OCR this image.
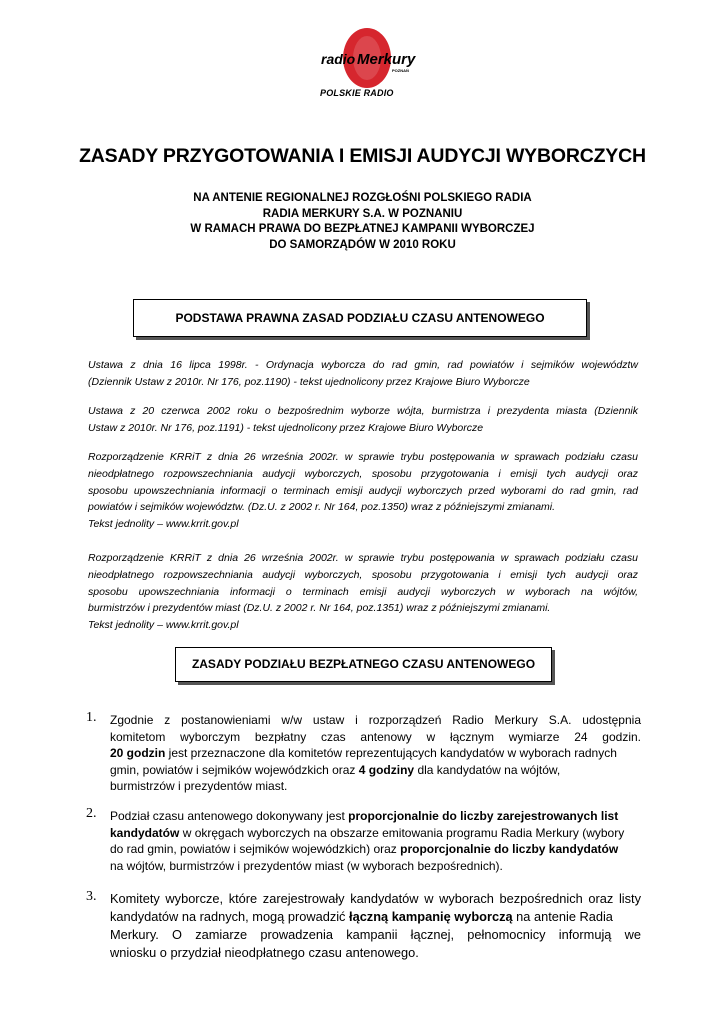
radio Merkury
POZNAŃ
POLSKIE RADIO
ZASADY PRZYGOTOWANIA I EMISJI AUDYCJI WYBORCZYCH
NA ANTENIE REGIONALNEJ ROZGŁOŚNI POLSKIEGO RADIA
RADIA MERKURY S.A. W POZNANIU
W RAMACH PRAWA DO BEZPŁATNEJ KAMPANII WYBORCZEJ
DO SAMORZĄDÓW W 2010 ROKU
PODSTAWA PRAWNA ZASAD PODZIAŁU CZASU ANTENOWEGO
Ustawa z dnia 16 lipca 1998r. - Ordynacja wyborcza do rad gmin, rad powiatów i sejmików województw
(Dziennik Ustaw z 2010r. Nr 176, poz.1190) - tekst ujednolicony przez Krajowe Biuro Wyborcze
Ustawa z 20 czerwca 2002 roku o bezpośrednim wyborze wójta, burmistrza i prezydenta miasta (Dziennik
Ustaw z 2010r. Nr 176, poz.1191) - tekst ujednolicony przez Krajowe Biuro Wyborcze
Rozporządzenie KRRiT z dnia 26 września 2002r. w sprawie trybu postępowania w sprawach podziału czasu
nieodpłatnego rozpowszechniania audycji wyborczych, sposobu przygotowania i emisji tych audycji oraz
sposobu upowszechniania informacji o terminach emisji audycji wyborczych przed wyborami do rad gmin, rad
powiatów i sejmików województw. (Dz.U. z 2002 r. Nr 164, poz.1350) wraz z późniejszymi zmianami.
Tekst jednolity – www.krrit.gov.pl
Rozporządzenie KRRiT z dnia 26 września 2002r. w sprawie trybu postępowania w sprawach podziału czasu
nieodpłatnego rozpowszechniania audycji wyborczych, sposobu przygotowania i emisji tych audycji oraz
sposobu upowszechniania informacji o terminach emisji audycji wyborczych w wyborach na wójtów,
burmistrzów i prezydentów miast (Dz.U. z 2002 r. Nr 164, poz.1351) wraz z późniejszymi zmianami.
Tekst jednolity – www.krrit.gov.pl
ZASADY PODZIAŁU BEZPŁATNEGO CZASU ANTENOWEGO
1. Zgodnie z postanowieniami w/w ustaw i rozporządzeń Radio Merkury S.A. udostępnia
komitetom wyborczym bezpłatny czas antenowy w łącznym wymiarze 24 godzin.
20 godzin jest przeznaczone dla komitetów reprezentujących kandydatów w wyborach radnych
gmin, powiatów i sejmików wojewódzkich oraz 4 godziny dla kandydatów na wójtów,
burmistrzów i prezydentów miast.
2. Podział czasu antenowego dokonywany jest proporcjonalnie do liczby zarejestrowanych list
kandydatów w okręgach wyborczych na obszarze emitowania programu Radia Merkury (wybory
do rad gmin, powiatów i sejmików wojewódzkich) oraz proporcjonalnie do liczby kandydatów
na wójtów, burmistrzów i prezydentów miast (w wyborach bezpośrednich).
3. Komitety wyborcze, które zarejestrowały kandydatów w wyborach bezpośrednich oraz listy
kandydatów na radnych, mogą prowadzić łączną kampanię wyborczą na antenie Radia
Merkury. O zamiarze prowadzenia kampanii łącznej, pełnomocnicy informują we
wniosku o przydział nieodpłatnego czasu antenowego.
